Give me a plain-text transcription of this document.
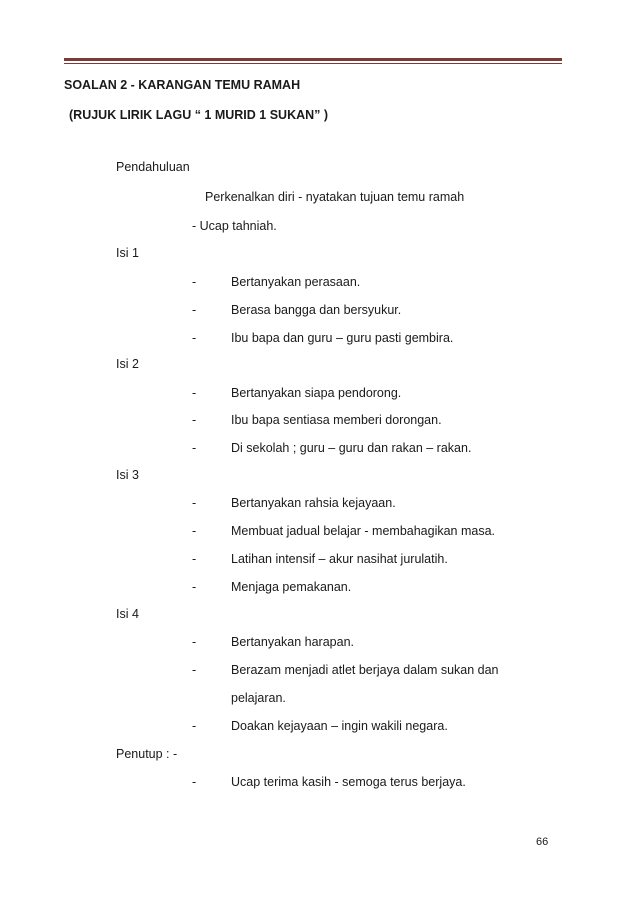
SOALAN 2 - KARANGAN TEMU RAMAH
(RUJUK LIRIK LAGU “ 1 MURID 1 SUKAN” )
Pendahuluan
Perkenalkan diri - nyatakan tujuan temu ramah
- Ucap tahniah.
Isi 1
-	Bertanyakan perasaan.
-	Berasa bangga dan bersyukur.
-	Ibu bapa dan guru – guru pasti gembira.
Isi 2
-	Bertanyakan siapa pendorong.
-	Ibu bapa sentiasa memberi dorongan.
-	Di sekolah ; guru – guru dan rakan – rakan.
Isi 3
-	Bertanyakan rahsia kejayaan.
-	Membuat jadual belajar - membahagikan masa.
-	Latihan intensif – akur nasihat jurulatih.
-	Menjaga pemakanan.
Isi 4
-	Bertanyakan harapan.
-	Berazam menjadi atlet berjaya dalam sukan dan
pelajaran.
-	Doakan kejayaan – ingin wakili negara.
Penutup : -
-	Ucap terima kasih - semoga terus berjaya.
66
